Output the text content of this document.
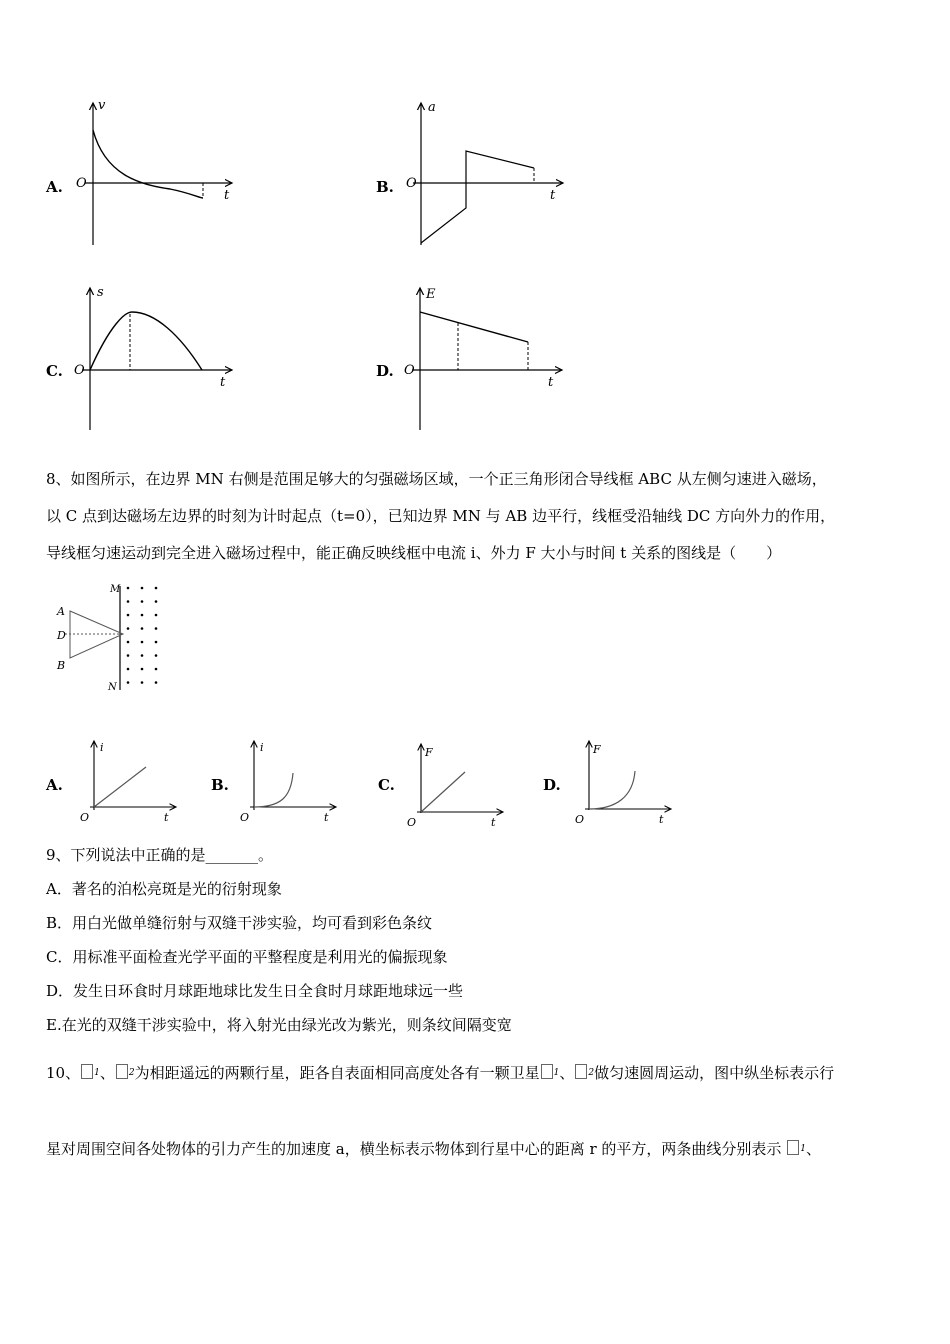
A.
v
t
O	B.
a
t
O
C.
s
t
O	D.
E
t
O
8、如图所示，在边界 MN 右侧是范围足够大的匀强磁场区域，一个正三角形闭合导线框 ABC 从左侧匀速进入磁场，
以 C 点到达磁场左边界的时刻为计时起点（t=0），已知边界 MN 与 AB 边平行，线框受沿轴线 DC 方向外力的作用，
导线框匀速运动到完全进入磁场过程中，能正确反映线框中电流 i、外力 F 大小与时间 t 关系的图线是（　　）
A
D
B
M
N
A.
i
t
O
B.
i
t
O
C.
F
t
O
D.
F
t
O
9、下列说法中正确的是_______。
A．著名的泊松亮斑是光的衍射现象
B．用白光做单缝衍射与双缝干涉实验，均可看到彩色条纹
C．用标准平面检查光学平面的平整程度是利用光的偏振现象
D．发生日环食时月球距地球比发生日全食时月球距地球远一些
E.在光的双缝干涉实验中，将入射光由绿光改为紫光，则条纹间隔变宽
10、 $^1$、 $^2$为相距遥远的两颗行星，距各自表面相同高度处各有一颗卫星 $^1$、 $^2$做匀速圆周运动，图中纵坐标表示行
星对周围空间各处物体的引力产生的加速度 a，横坐标表示物体到行星中心的距离 r 的平方，两条曲线分别表示 $^1$、
